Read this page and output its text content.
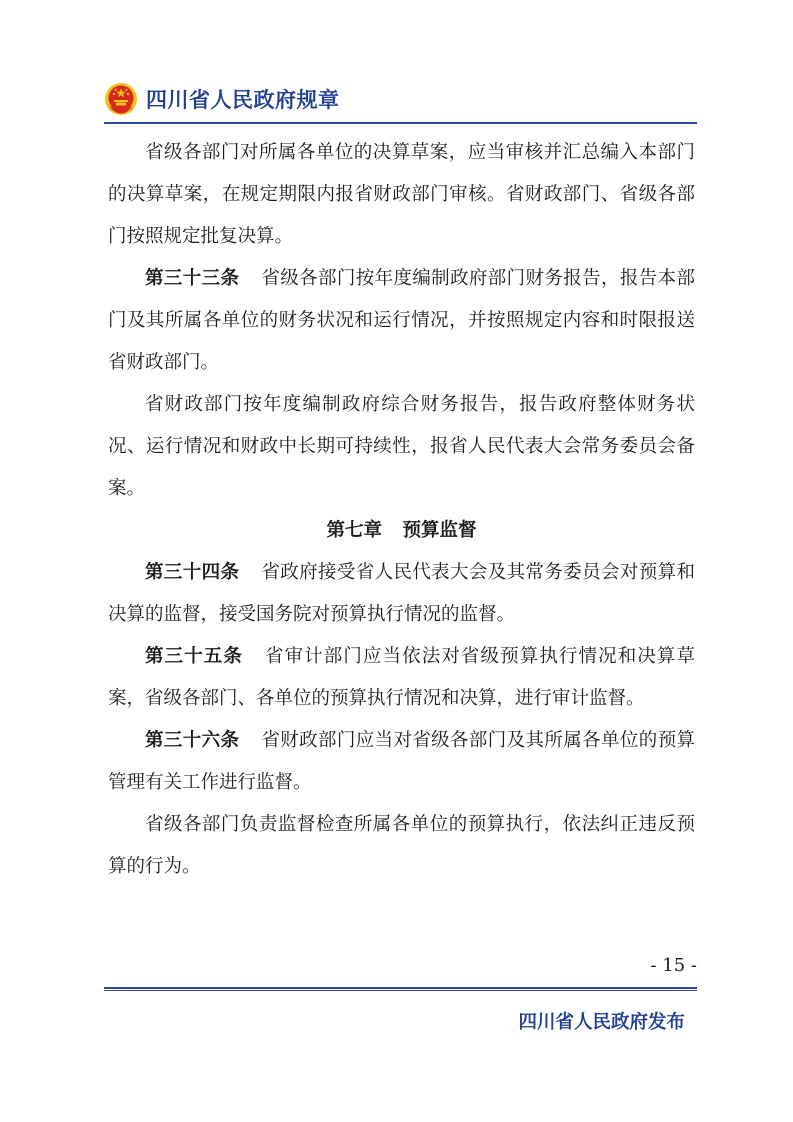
四川省人民政府规章

省级各部门对所属各单位的决算草案，应当审核并汇总编入本部门的决算草案，在规定期限内报省财政部门审核。省财政部门、省级各部门按照规定批复决算。

第三十三条 省级各部门按年度编制政府部门财务报告，报告本部门及其所属各单位的财务状况和运行情况，并按照规定内容和时限报送省财政部门。

省财政部门按年度编制政府综合财务报告，报告政府整体财务状况、运行情况和财政中长期可持续性，报省人民代表大会常务委员会备案。

第七章 预算监督

第三十四条 省政府接受省人民代表大会及其常务委员会对预算和决算的监督，接受国务院对预算执行情况的监督。

第三十五条 省审计部门应当依法对省级预算执行情况和决算草案，省级各部门、各单位的预算执行情况和决算，进行审计监督。

第三十六条 省财政部门应当对省级各部门及其所属各单位的预算管理有关工作进行监督。

省级各部门负责监督检查所属各单位的预算执行，依法纠正违反预算的行为。

- 15 -
四川省人民政府发布
